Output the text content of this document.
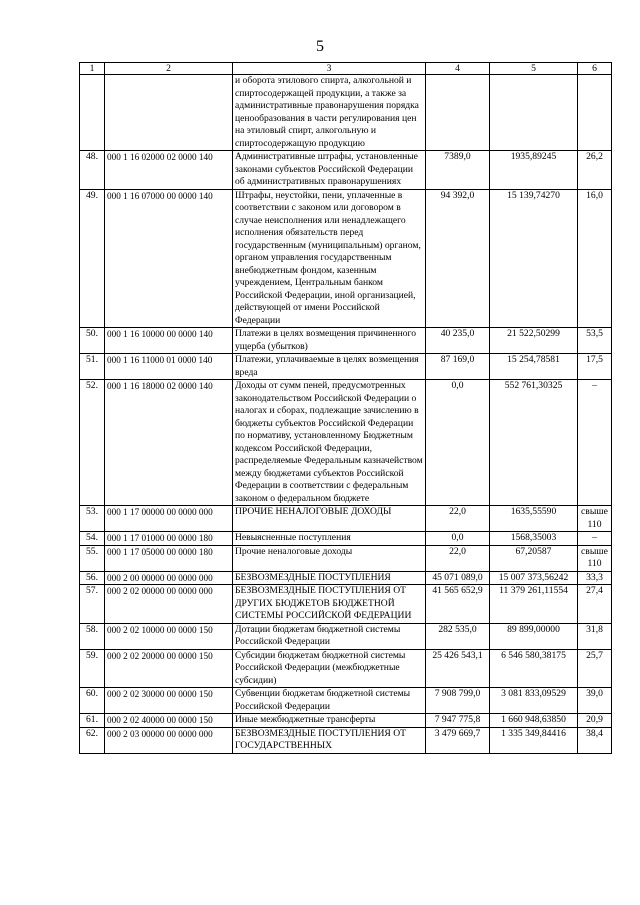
5
1	2	3	4	5	6
		и оборота этилового спирта, алкогольной и спиртосодержащей продукции, а также за административные правонарушения порядка ценообразования в части регулирования цен на этиловый спирт, алкогольную и спиртосодержащую продукцию			
48.	000 1 16 02000 02 0000 140	Административные штрафы, установленные законами субъектов Российской Федерации об административных правонарушениях	7389,0	1935,89245	26,2
49.	000 1 16 07000 00 0000 140	Штрафы, неустойки, пени, уплаченные в соответствии с законом или договором в случае неисполнения или ненадлежащего исполнения обязательств перед государственным (муниципальным) органом, органом управления государственным внебюджетным фондом, казенным учреждением, Центральным банком Российской Федерации, иной организацией, действующей от имени Российской Федерации	94 392,0	15 139,74270	16,0
50.	000 1 16 10000 00 0000 140	Платежи в целях возмещения причиненного ущерба (убытков)	40 235,0	21 522,50299	53,5
51.	000 1 16 11000 01 0000 140	Платежи, уплачиваемые в целях возмещения вреда	87 169,0	15 254,78581	17,5
52.	000 1 16 18000 02 0000 140	Доходы от сумм пеней, предусмотренных законодательством Российской Федерации о налогах и сборах, подлежащие зачислению в бюджеты субъектов Российской Федерации по нормативу, установленному Бюджетным кодексом Российской Федерации, распределяемые Федеральным казначейством между бюджетами субъектов Российской Федерации в соответствии с федеральным законом о федеральном бюджете	0,0	552 761,30325	–
53.	000 1 17 00000 00 0000 000	ПРОЧИЕ НЕНАЛОГОВЫЕ ДОХОДЫ	22,0	1635,55590	свыше 110
54.	000 1 17 01000 00 0000 180	Невыясненные поступления	0,0	1568,35003	–
55.	000 1 17 05000 00 0000 180	Прочие неналоговые доходы	22,0	67,20587	свыше 110
56.	000 2 00 00000 00 0000 000	БЕЗВОЗМЕЗДНЫЕ ПОСТУПЛЕНИЯ	45 071 089,0	15 007 373,56242	33,3
57.	000 2 02 00000 00 0000 000	БЕЗВОЗМЕЗДНЫЕ ПОСТУПЛЕНИЯ ОТ ДРУГИХ БЮДЖЕТОВ БЮДЖЕТНОЙ СИСТЕМЫ РОССИЙСКОЙ ФЕДЕРАЦИИ	41 565 652,9	11 379 261,11554	27,4
58.	000 2 02 10000 00 0000 150	Дотации бюджетам бюджетной системы Российской Федерации	282 535,0	89 899,00000	31,8
59.	000 2 02 20000 00 0000 150	Субсидии бюджетам бюджетной системы Российской Федерации (межбюджетные субсидии)	25 426 543,1	6 546 580,38175	25,7
60.	000 2 02 30000 00 0000 150	Субвенции бюджетам бюджетной системы Российской Федерации	7 908 799,0	3 081 833,09529	39,0
61.	000 2 02 40000 00 0000 150	Иные межбюджетные трансферты	7 947 775,8	1 660 948,63850	20,9
62.	000 2 03 00000 00 0000 000	БЕЗВОЗМЕЗДНЫЕ ПОСТУПЛЕНИЯ ОТ ГОСУДАРСТВЕННЫХ	3 479 669,7	1 335 349,84416	38,4
